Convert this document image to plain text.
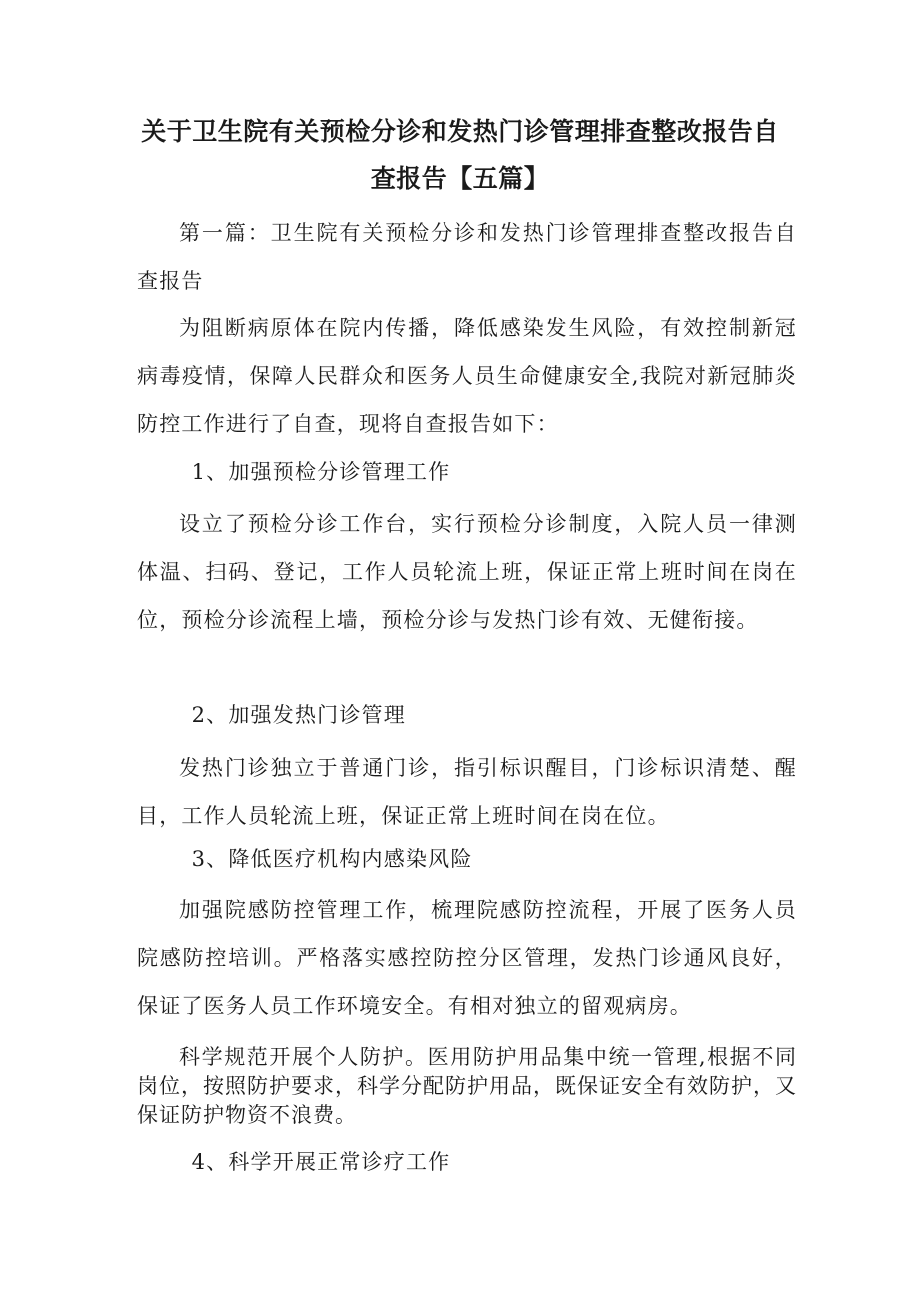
关于卫生院有关预检分诊和发热门诊管理排查整改报告自
查报告【五篇】
第一篇：卫生院有关预检分诊和发热门诊管理排查整改报告自查报告
为阻断病原体在院内传播，降低感染发生风险，有效控制新冠病毒疫情，保障人民群众和医务人员生命健康安全,我院对新冠肺炎防控工作进行了自查，现将自查报告如下：
1、加强预检分诊管理工作
设立了预检分诊工作台，实行预检分诊制度，入院人员一律测体温、扫码、登记，工作人员轮流上班，保证正常上班时间在岗在位，预检分诊流程上墙，预检分诊与发热门诊有效、无健衔接。
2、加强发热门诊管理
发热门诊独立于普通门诊，指引标识醒目，门诊标识清楚、醒目，工作人员轮流上班，保证正常上班时间在岗在位。
3、降低医疗机构内感染风险
加强院感防控管理工作，梳理院感防控流程，开展了医务人员院感防控培训。严格落实感控防控分区管理，发热门诊通风良好，保证了医务人员工作环境安全。有相对独立的留观病房。
科学规范开展个人防护。医用防护用品集中统一管理,根据不同岗位，按照防护要求，科学分配防护用品，既保证安全有效防护，又保证防护物资不浪费。
4、科学开展正常诊疗工作
